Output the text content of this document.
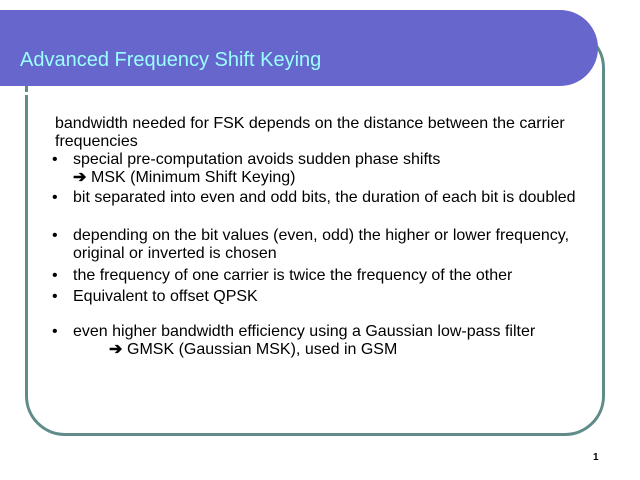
Advanced Frequency Shift Keying
bandwidth needed for FSK depends on the distance between the carrier frequencies
• special pre-computation avoids sudden phase shifts
➔ MSK (Minimum Shift Keying)
• bit separated into even and odd bits, the duration of each bit is doubled
• depending on the bit values (even, odd) the higher or lower frequency, original or inverted is chosen
• the frequency of one carrier is twice the frequency of the other
• Equivalent to offset QPSK
• even higher bandwidth efficiency using a Gaussian low-pass filter
➔ GMSK (Gaussian MSK), used in GSM
1
